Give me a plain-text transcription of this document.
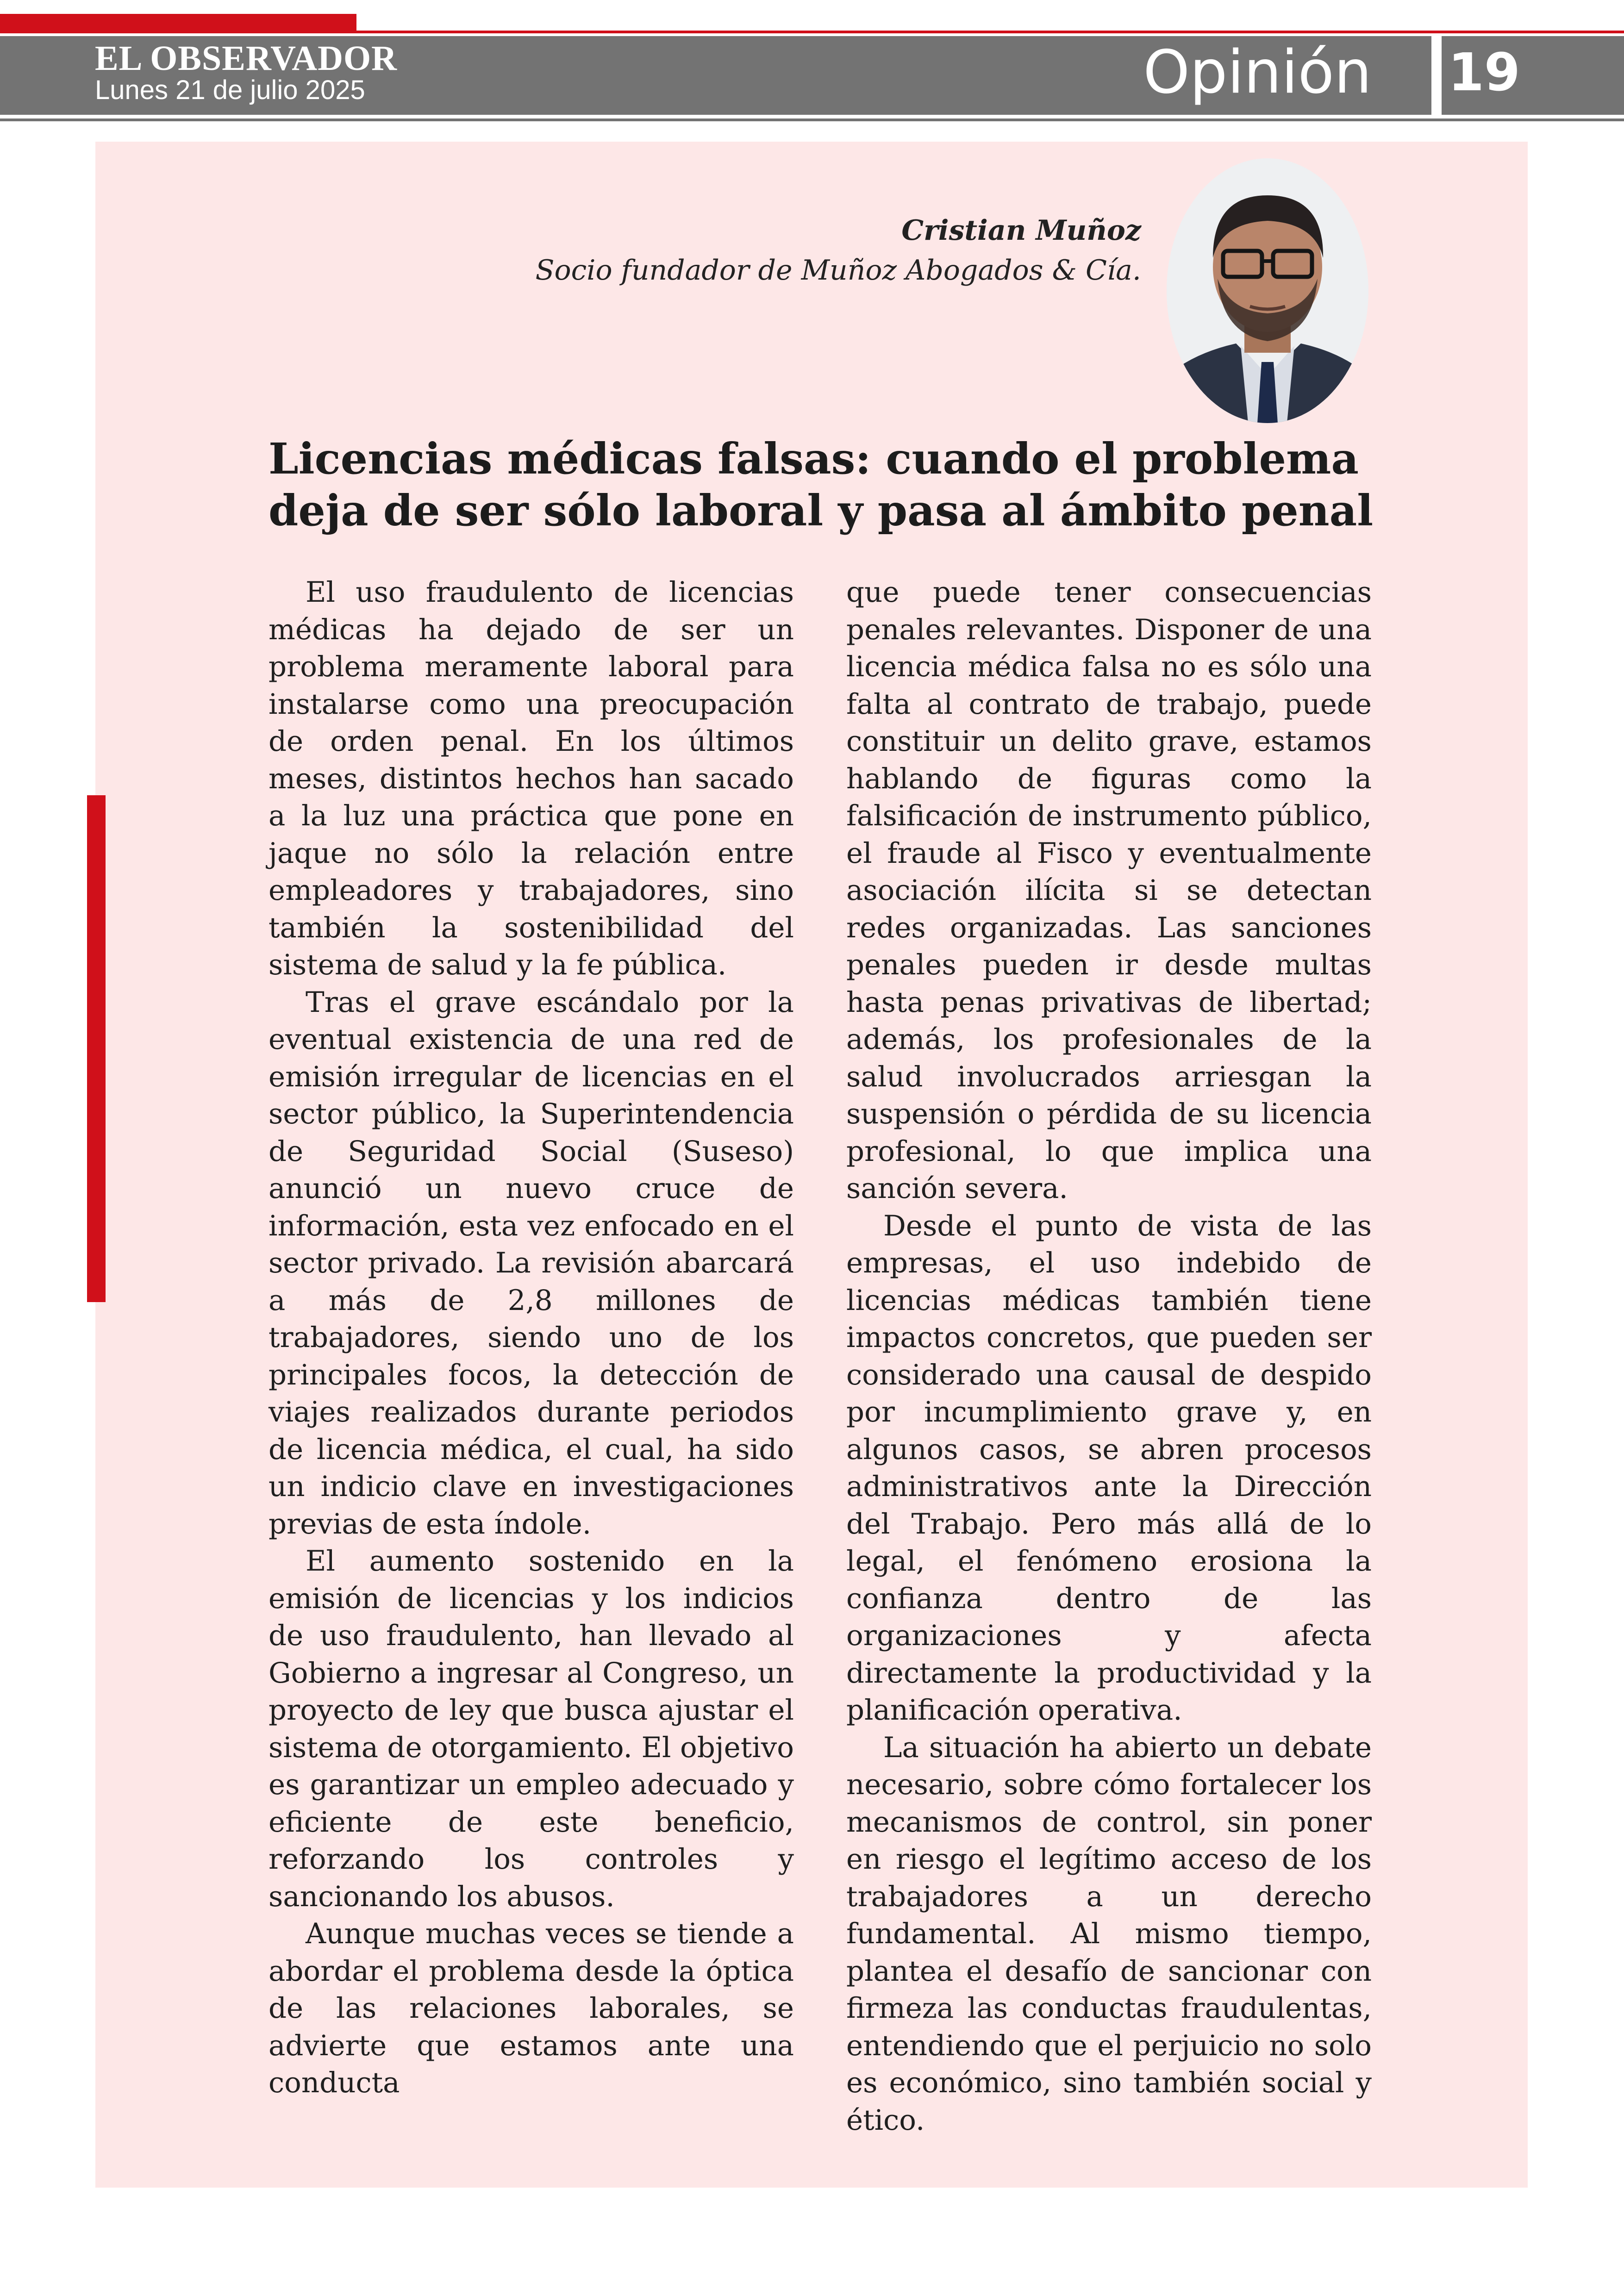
EL OBSERVADOR
Lunes 21 de julio 2025	Opinión 19
Cristian Muñoz
Socio fundador de Muñoz Abogados & Cía.
Licencias médicas falsas: cuando el problema deja de ser sólo laboral y pasa al ámbito penal

El uso fraudulento de licencias médicas ha dejado de ser un problema meramente laboral para instalarse como una preocupación de orden penal. En los últimos meses, distintos hechos han sacado a la luz una práctica que pone en jaque no sólo la relación entre empleadores y trabajadores, sino también la sostenibilidad del sistema de salud y la fe pública.

Tras el grave escándalo por la eventual existencia de una red de emisión irregular de licencias en el sector público, la Superintendencia de Seguridad Social (Suseso) anunció un nuevo cruce de información, esta vez enfocado en el sector privado. La revisión abarcará a más de 2,8 millones de trabajadores, siendo uno de los principales focos, la detección de viajes realizados durante periodos de licencia médica, el cual, ha sido un indicio clave en investigaciones previas de esta índole.

El aumento sostenido en la emisión de licencias y los indicios de uso fraudulento, han llevado al Gobierno a ingresar al Congreso, un proyecto de ley que busca ajustar el sistema de otorgamiento. El objetivo es garantizar un empleo adecuado y eficiente de este beneficio, reforzando los controles y sancionando los abusos.

Aunque muchas veces se tiende a abordar el problema desde la óptica de las relaciones laborales, se advierte que estamos ante una conducta

que puede tener consecuencias penales relevantes. Disponer de una licencia médica falsa no es sólo una falta al contrato de trabajo, puede constituir un delito grave, estamos hablando de figuras como la falsificación de instrumento público, el fraude al Fisco y eventualmente asociación ilícita si se detectan redes organizadas. Las sanciones penales pueden ir desde multas hasta penas privativas de libertad; además, los profesionales de la salud involucrados arriesgan la suspensión o pérdida de su licencia profesional, lo que implica una sanción severa.

Desde el punto de vista de las empresas, el uso indebido de licencias médicas también tiene impactos concretos, que pueden ser considerado una causal de despido por incumplimiento grave y, en algunos casos, se abren procesos administrativos ante la Dirección del Trabajo. Pero más allá de lo legal, el fenómeno erosiona la confianza dentro de las organizaciones y afecta directamente la productividad y la planificación operativa.

La situación ha abierto un debate necesario, sobre cómo fortalecer los mecanismos de control, sin poner en riesgo el legítimo acceso de los trabajadores a un derecho fundamental. Al mismo tiempo, plantea el desafío de sancionar con firmeza las conductas fraudulentas, entendiendo que el perjuicio no solo es económico, sino también social y ético.
